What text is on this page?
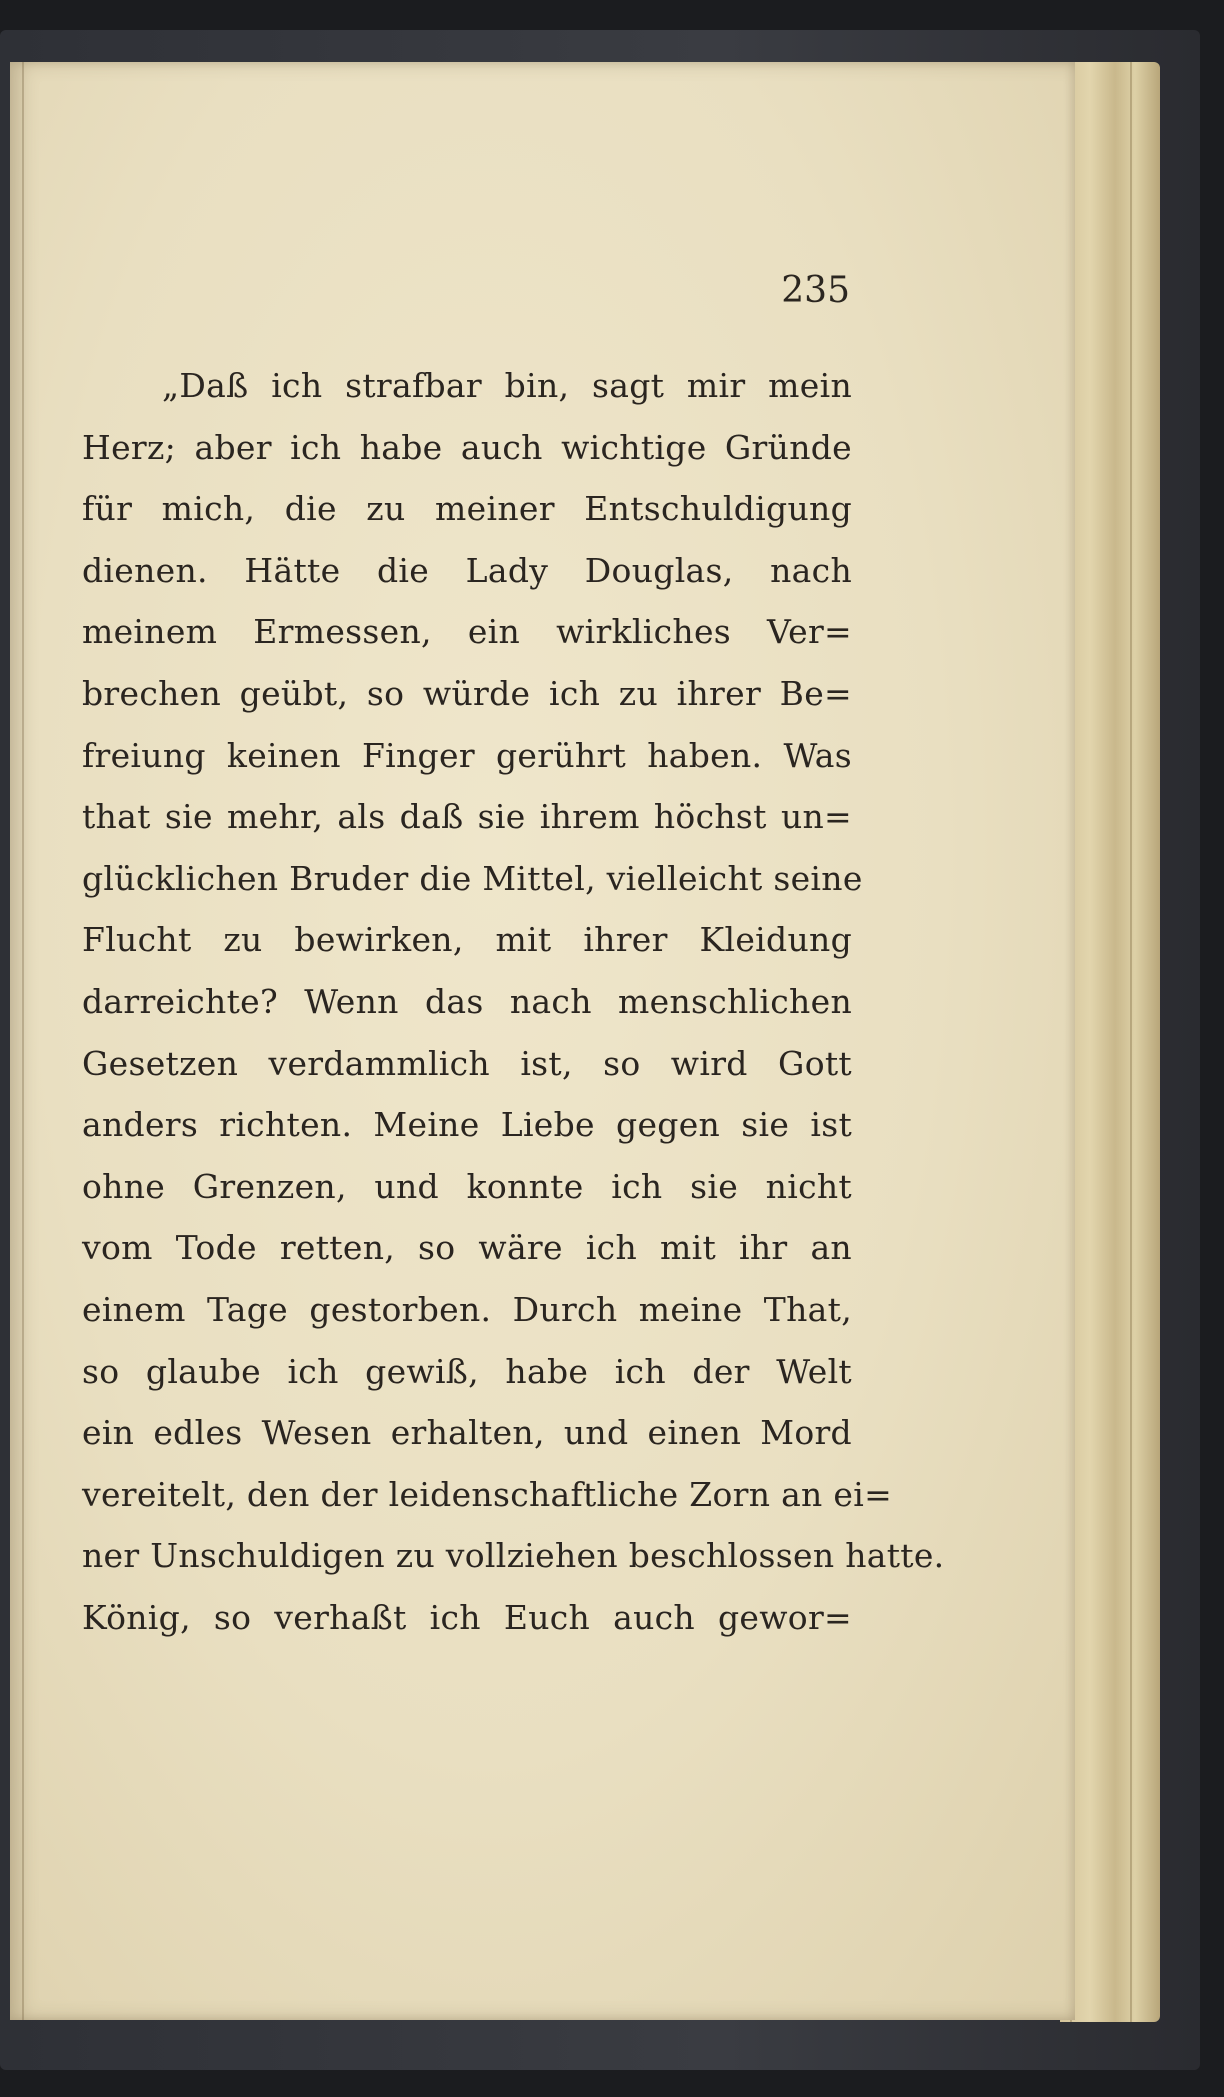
235
„Daß ich strafbar bin, sagt mir mein
Herz; aber ich habe auch wichtige Gründe
für mich, die zu meiner Entschuldigung
dienen. Hätte die Lady Douglas, nach
meinem Ermessen, ein wirkliches Ver=
brechen geübt, so würde ich zu ihrer Be=
freiung keinen Finger gerührt haben. Was
that sie mehr, als daß sie ihrem höchst un=
glücklichen Bruder die Mittel, vielleicht seine
Flucht zu bewirken, mit ihrer Kleidung
darreichte? Wenn das nach menschlichen
Gesetzen verdammlich ist, so wird Gott
anders richten. Meine Liebe gegen sie ist
ohne Grenzen, und konnte ich sie nicht
vom Tode retten, so wäre ich mit ihr an
einem Tage gestorben. Durch meine That,
so glaube ich gewiß, habe ich der Welt
ein edles Wesen erhalten, und einen Mord
vereitelt, den der leidenschaftliche Zorn an ei=
ner Unschuldigen zu vollziehen beschlossen hatte.
König, so verhaßt ich Euch auch gewor=
